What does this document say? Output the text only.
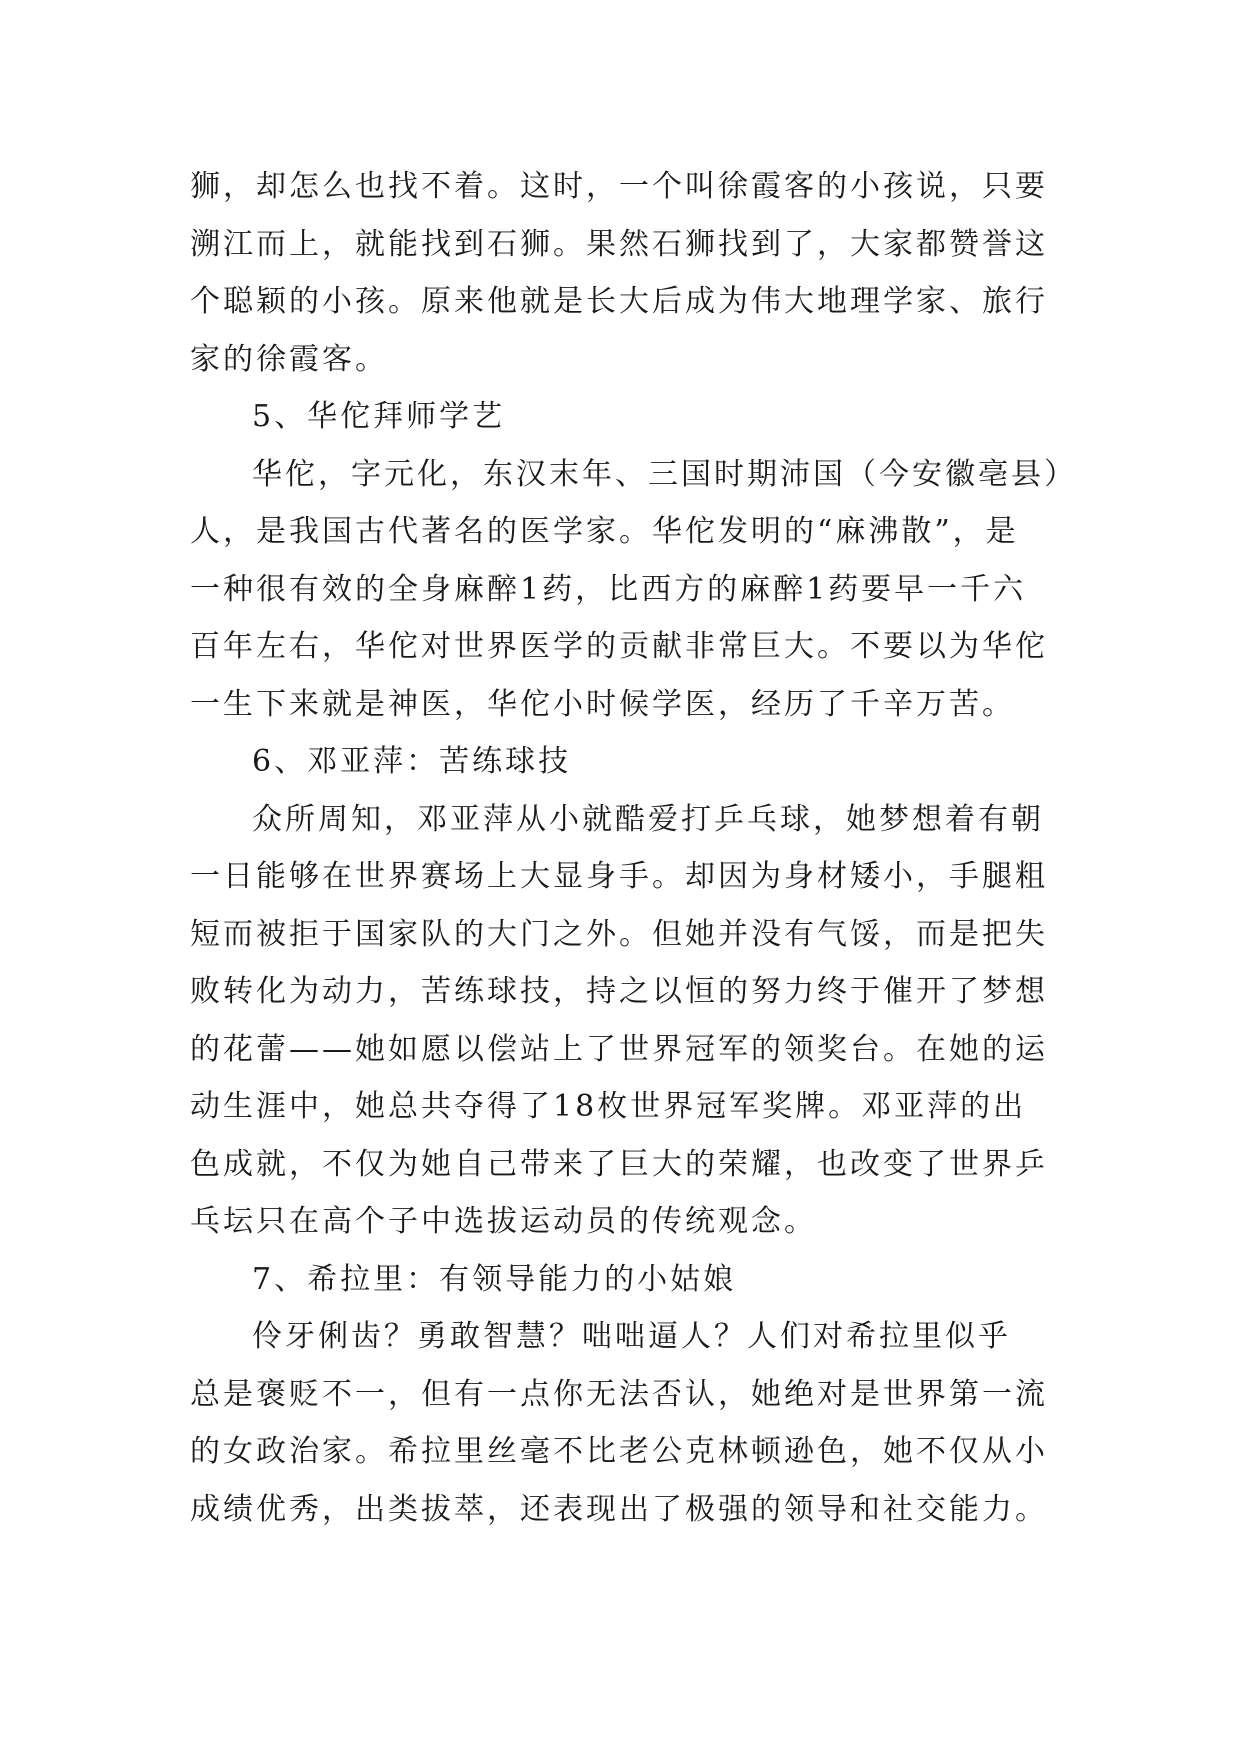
狮，却怎么也找不着。这时，一个叫徐霞客的小孩说，只要
溯江而上，就能找到石狮。果然石狮找到了，大家都赞誉这
个聪颖的小孩。原来他就是长大后成为伟大地理学家、旅行
家的徐霞客。
5、华佗拜师学艺
华佗，字元化，东汉末年、三国时期沛国（今安徽亳县）
人，是我国古代著名的医学家。华佗发明的“麻沸散”，是
一种很有效的全身麻醉1药，比西方的麻醉1药要早一千六
百年左右，华佗对世界医学的贡献非常巨大。不要以为华佗
一生下来就是神医，华佗小时候学医，经历了千辛万苦。
6、邓亚萍：苦练球技
众所周知，邓亚萍从小就酷爱打乒乓球，她梦想着有朝
一日能够在世界赛场上大显身手。却因为身材矮小，手腿粗
短而被拒于国家队的大门之外。但她并没有气馁，而是把失
败转化为动力，苦练球技，持之以恒的努力终于催开了梦想
的花蕾——她如愿以偿站上了世界冠军的领奖台。在她的运
动生涯中，她总共夺得了18枚世界冠军奖牌。邓亚萍的出
色成就，不仅为她自己带来了巨大的荣耀，也改变了世界乒
乓坛只在高个子中选拔运动员的传统观念。
7、希拉里：有领导能力的小姑娘
伶牙俐齿？勇敢智慧？咄咄逼人？人们对希拉里似乎
总是褒贬不一，但有一点你无法否认，她绝对是世界第一流
的女政治家。希拉里丝毫不比老公克林顿逊色，她不仅从小
成绩优秀，出类拔萃，还表现出了极强的领导和社交能力。
